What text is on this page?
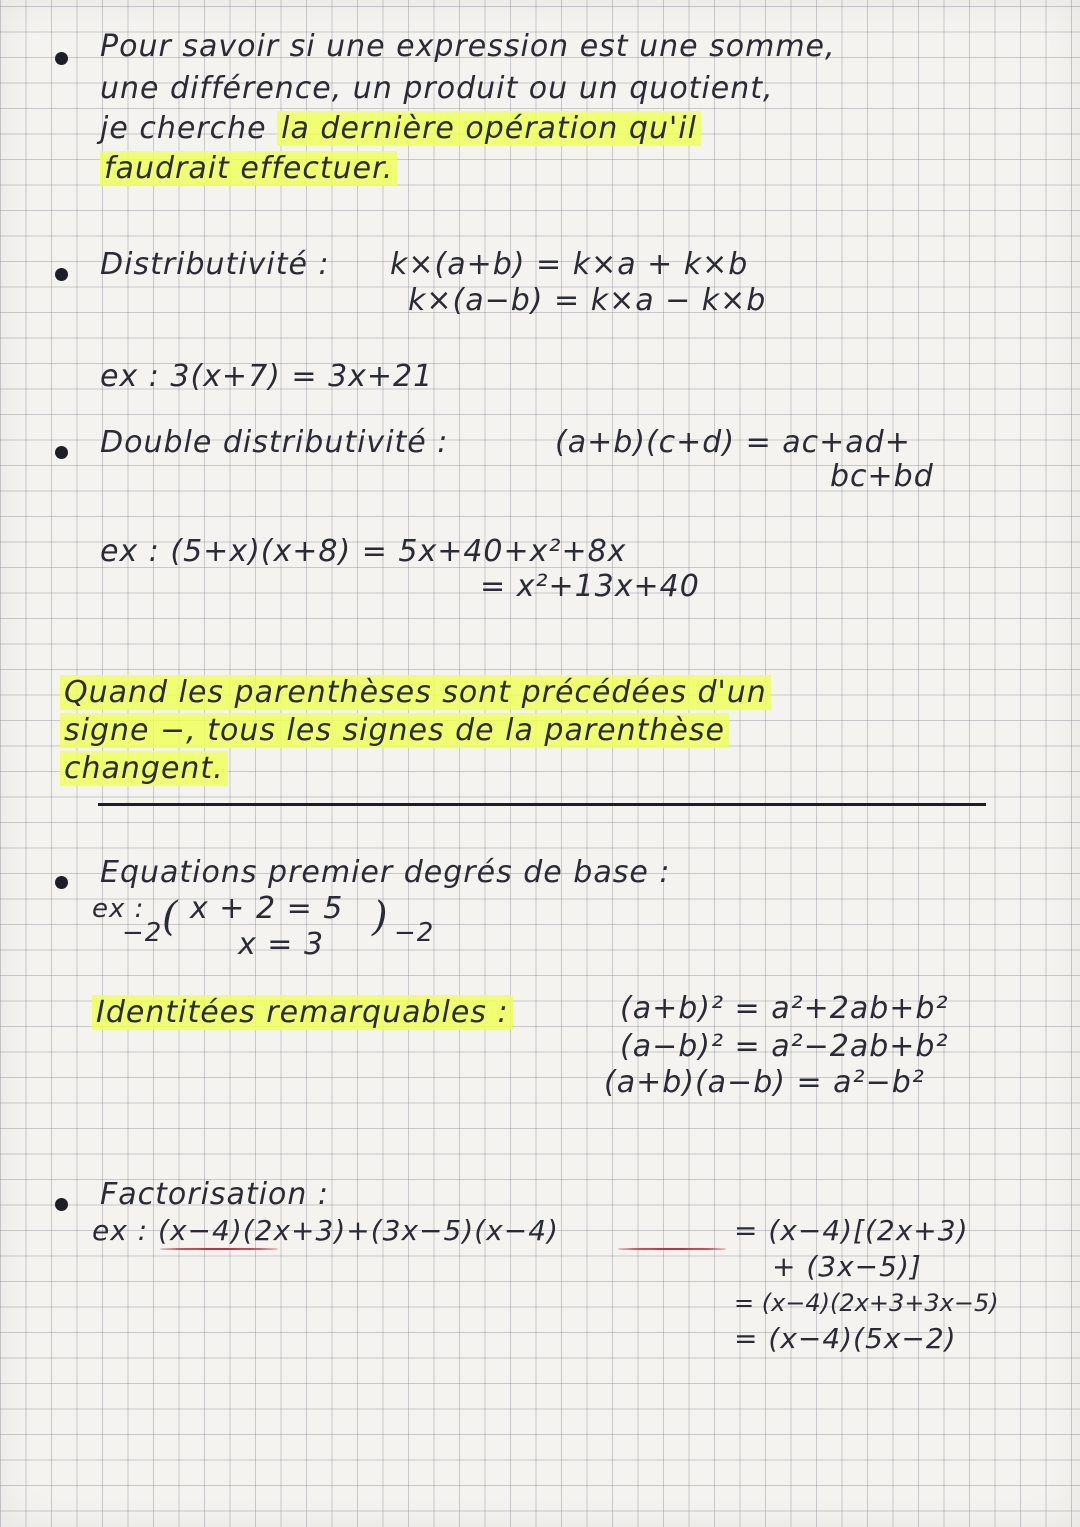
Pour savoir si une expression est une somme,
une différence, un produit ou un quotient,
je cherche la dernière opération qu'il
faudrait effectuer.
Distributivité : k×(a+b) = k×a + k×b
k×(a−b) = k×a − k×b
ex : 3(x+7) = 3x+21
Double distributivité :	(a+b)(c+d) = ac+ad+
bc+bd
ex : (5+x)(x+8) = 5x+40+x²+8x
= x²+13x+40
Quand les parenthèses sont précédées d'un
signe −, tous les signes de la parenthèse
changent.
Equations premier degrés de base :
ex :
−2 ( x + 2 = 5
x = 3
) −2
Identitées remarquables :	(a+b)² = a²+2ab+b²
(a−b)² = a²−2ab+b²
(a+b)(a−b) = a²−b²
Factorisation :
ex : (x−4)(2x+3)+(3x−5)(x−4)	= (x−4)[(2x+3)
+ (3x−5)]
= (x−4)(2x+3+3x−5)
= (x−4)(5x−2)
